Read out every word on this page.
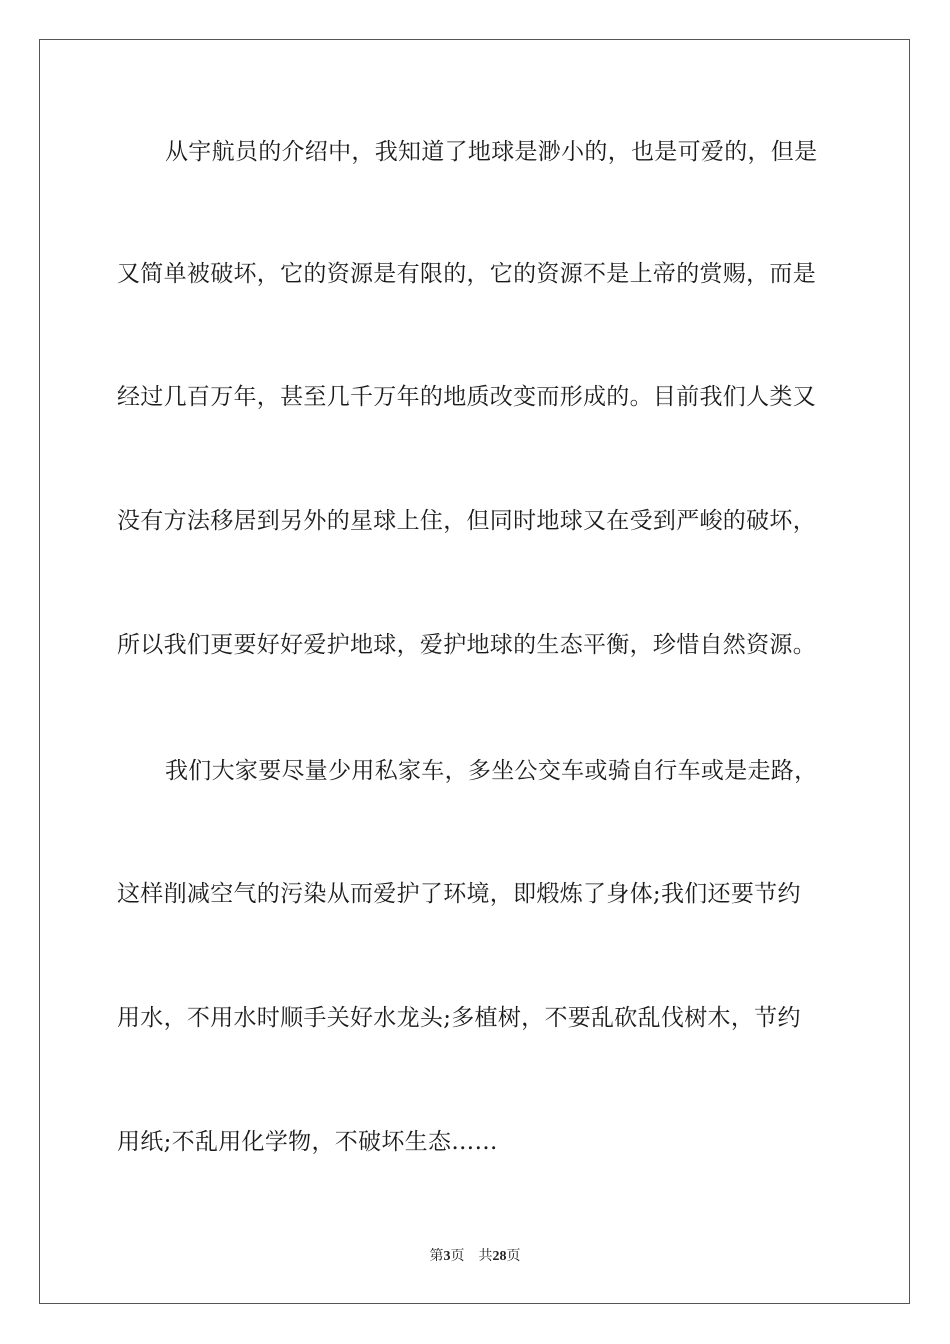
从宇航员的介绍中，我知道了地球是渺小的，也是可爱的，但是
又简单被破坏，它的资源是有限的，它的资源不是上帝的赏赐，而是
经过几百万年，甚至几千万年的地质改变而形成的。目前我们人类又
没有方法移居到另外的星球上住，但同时地球又在受到严峻的破坏，
所以我们更要好好爱护地球，爱护地球的生态平衡，珍惜自然资源。
我们大家要尽量少用私家车，多坐公交车或骑自行车或是走路，
这样削减空气的污染从而爱护了环境，即煅炼了身体;我们还要节约
用水，不用水时顺手关好水龙头;多植树，不要乱砍乱伐树木，节约
用纸;不乱用化学物，不破坏生态……
第3页 共28页
